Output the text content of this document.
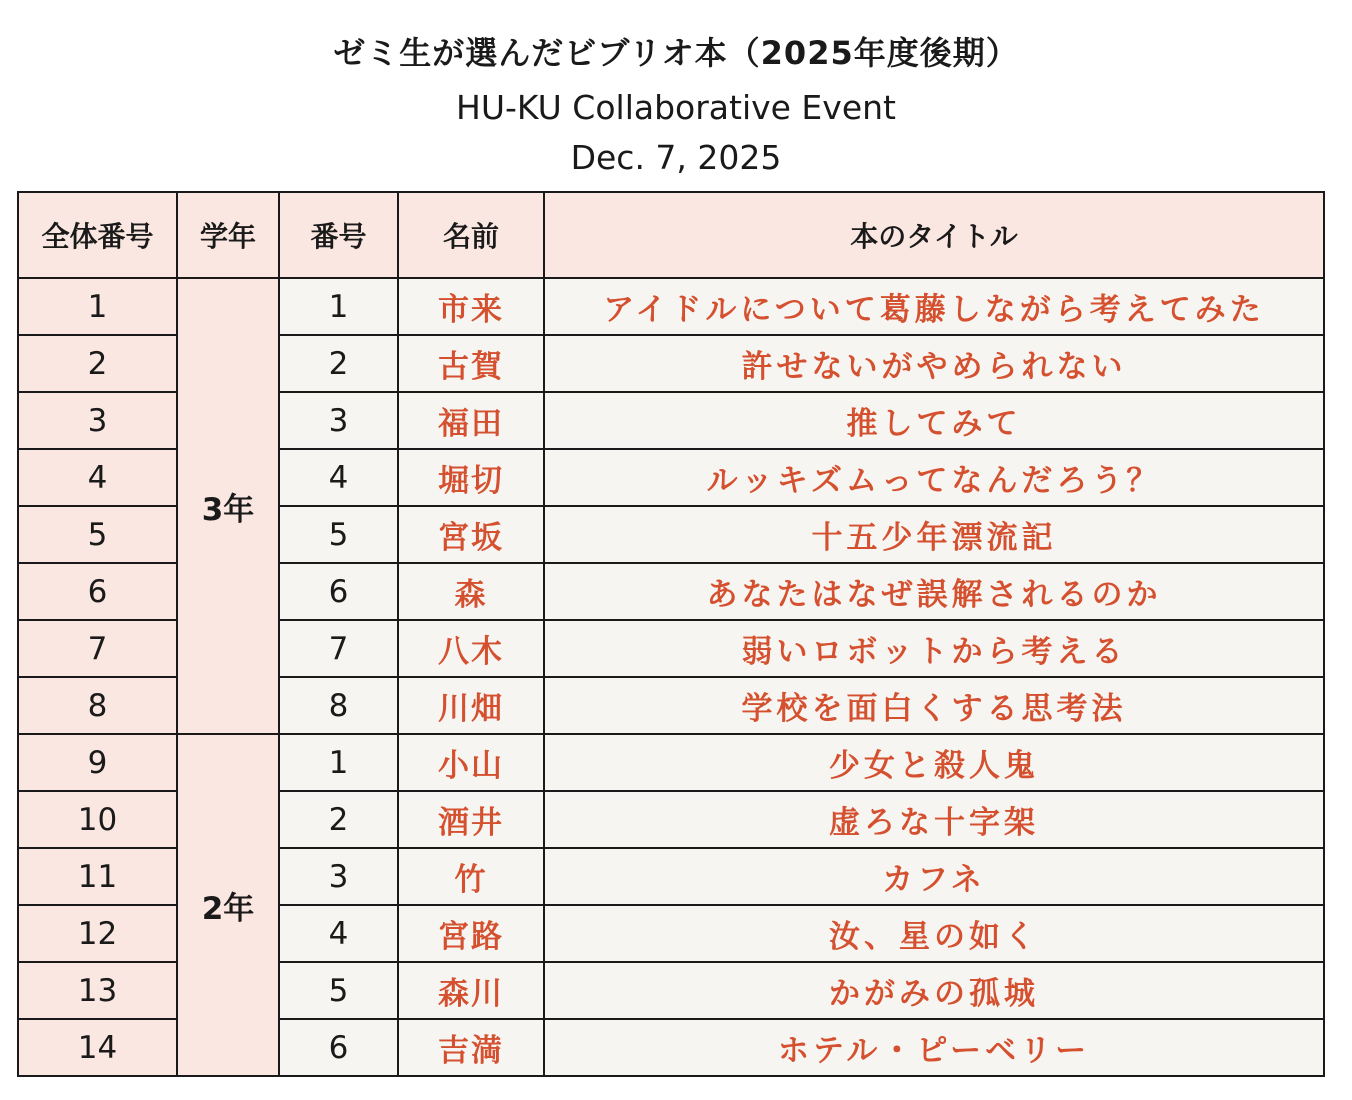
ゼミ生が選んだビブリオ本（2025年度後期）
HU-KU Collaborative Event
Dec. 7, 2025
全体番号	学年	番号	名前	本のタイトル
1	3年	1	市来	アイドルについて葛藤しながら考えてみた
2		2	古賀	許せないがやめられない
3		3	福田	推してみて
4		4	堀切	ルッキズムってなんだろう？
5		5	宮坂	十五少年漂流記
6		6	森	あなたはなぜ誤解されるのか
7		7	八木	弱いロボットから考える
8		8	川畑	学校を面白くする思考法
9	2年	1	小山	少女と殺人鬼
10		2	酒井	虚ろな十字架
11		3	竹	カフネ
12		4	宮路	汝、星の如く
13		5	森川	かがみの孤城
14		6	吉満	ホテル・ピーベリー
